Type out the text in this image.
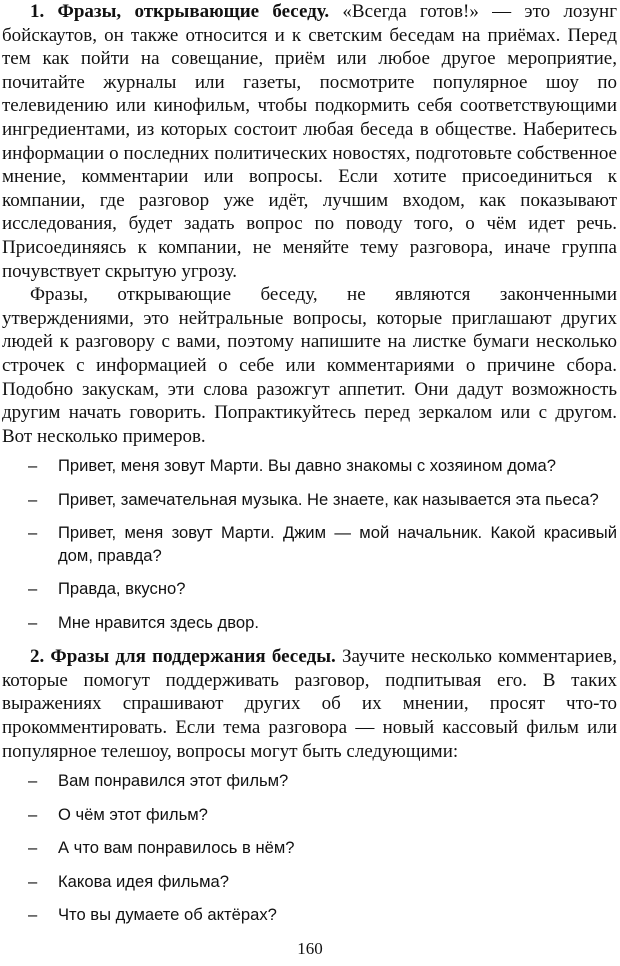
1. Фразы, открывающие беседу. «Всегда готов!» — это лозунг бойскаутов, он также относится и к светским беседам на приёмах. Перед тем как пойти на совещание, приём или любое другое мероприятие, почитайте журналы или газеты, посмотрите популярное шоу по телевидению или кинофильм, чтобы подкормить себя соответствующими ингредиентами, из которых состоит любая беседа в обществе. Наберитесь информации о последних политических новостях, подготовьте собственное мнение, комментарии или вопросы. Если хотите присоединиться к компании, где разговор уже идёт, лучшим входом, как показывают исследования, будет задать вопрос по поводу того, о чём идет речь. Присоединяясь к компании, не меняйте тему разговора, иначе группа почувствует скрытую угрозу.

Фразы, открывающие беседу, не являются законченными утверждениями, это нейтральные вопросы, которые приглашают других людей к разговору с вами, поэтому напишите на листке бумаги несколько строчек с информацией о себе или комментариями о причине сбора. Подобно закускам, эти слова разожгут аппетит. Они дадут возможность другим начать говорить. Попрактикуйтесь перед зеркалом или с другом. Вот несколько примеров.

– Привет, меня зовут Марти. Вы давно знакомы с хозяином дома?
– Привет, замечательная музыка. Не знаете, как называется эта пьеса?
– Привет, меня зовут Марти. Джим — мой начальник. Какой красивый дом, правда?
– Правда, вкусно?
– Мне нравится здесь двор.

2. Фразы для поддержания беседы. Заучите несколько комментариев, которые помогут поддерживать разговор, подпитывая его. В таких выражениях спрашивают других об их мнении, просят что-то прокомментировать. Если тема разговора — новый кассовый фильм или популярное телешоу, вопросы могут быть следующими:

– Вам понравился этот фильм?
– О чём этот фильм?
– А что вам понравилось в нём?
– Какова идея фильма?
– Что вы думаете об актёрах?
160
